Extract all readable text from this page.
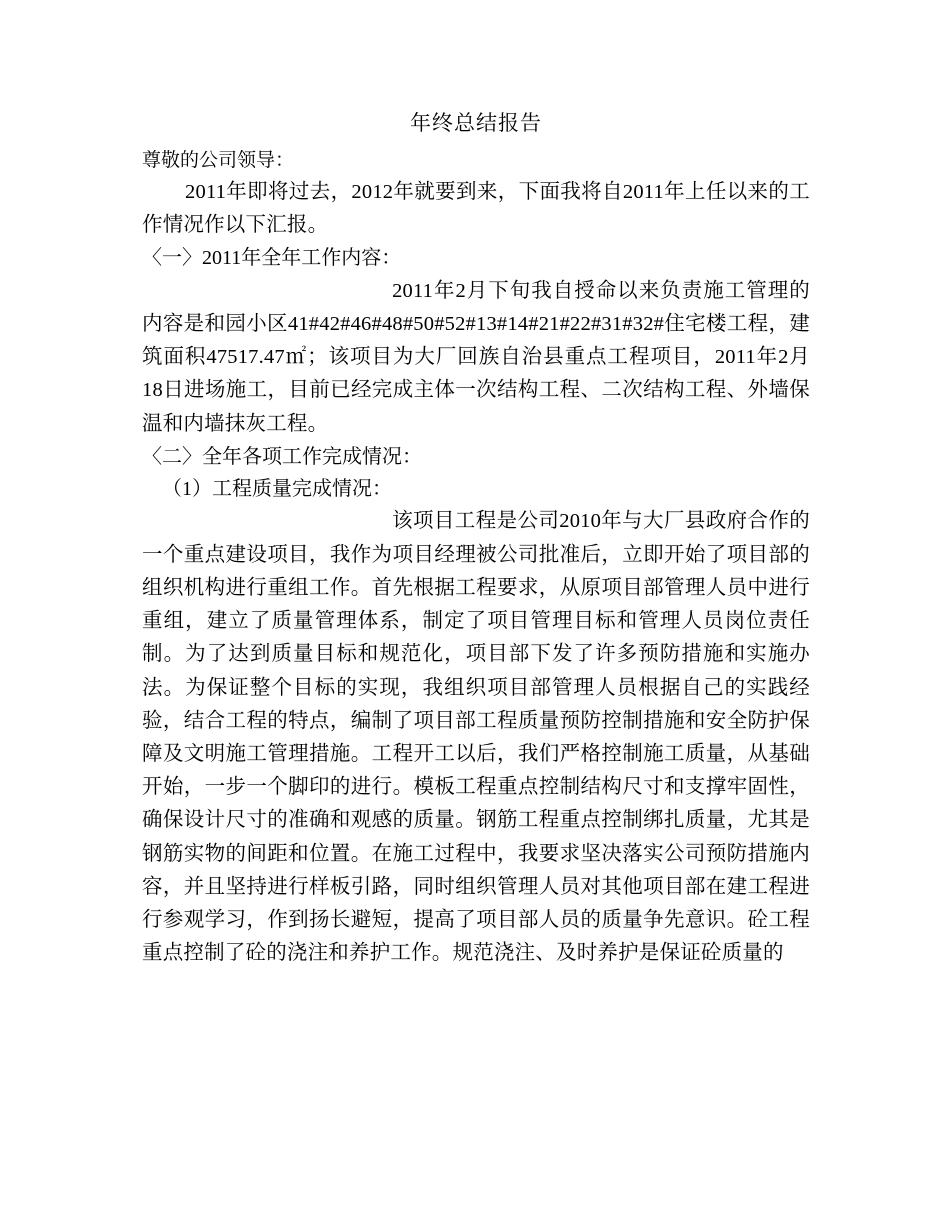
年终总结报告
尊敬的公司领导：

2011年即将过去，2012年就要到来，下面我将自2011年上任以来的工作情况作以下汇报。

〈一〉2011年全年工作内容：

2011年2月下旬我自授命以来负责施工管理的内容是和园小区41#42#46#48#50#52#13#14#21#22#31#32#住宅楼工程，建筑面积47517.47㎡；该项目为大厂回族自治县重点工程项目，2011年2月18日进场施工，目前已经完成主体一次结构工程、二次结构工程、外墙保温和内墙抹灰工程。

〈二〉全年各项工作完成情况：

（1）工程质量完成情况：

该项目工程是公司2010年与大厂县政府合作的一个重点建设项目，我作为项目经理被公司批准后，立即开始了项目部的组织机构进行重组工作。首先根据工程要求，从原项目部管理人员中进行重组，建立了质量管理体系，制定了项目管理目标和管理人员岗位责任制。为了达到质量目标和规范化，项目部下发了许多预防措施和实施办法。为保证整个目标的实现，我组织项目部管理人员根据自己的实践经验，结合工程的特点，编制了项目部工程质量预防控制措施和安全防护保障及文明施工管理措施。工程开工以后，我们严格控制施工质量，从基础开始，一步一个脚印的进行。模板工程重点控制结构尺寸和支撑牢固性，确保设计尺寸的准确和观感的质量。钢筋工程重点控制绑扎质量，尤其是钢筋实物的间距和位置。在施工过程中，我要求坚决落实公司预防措施内容，并且坚持进行样板引路，同时组织管理人员对其他项目部在建工程进行参观学习，作到扬长避短，提高了项目部人员的质量争先意识。砼工程重点控制了砼的浇注和养护工作。规范浇注、及时养护是保证砼质量的
